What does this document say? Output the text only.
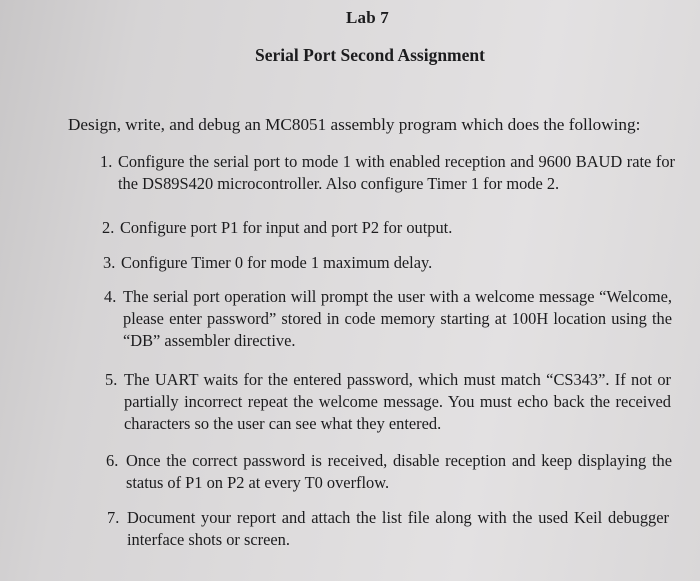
Lab 7
Serial Port Second Assignment
Design, write, and debug an MC8051 assembly program which does the following:
1. Configure the serial port to mode 1 with enabled reception and 9600 BAUD rate for the DS89S420 microcontroller. Also configure Timer 1 for mode 2.
2. Configure port P1 for input and port P2 for output.
3. Configure Timer 0 for mode 1 maximum delay.
4. The serial port operation will prompt the user with a welcome message “Welcome, please enter password” stored in code memory starting at 100H location using the “DB” assembler directive.
5. The UART waits for the entered password, which must match “CS343”. If not or partially incorrect repeat the welcome message. You must echo back the received characters so the user can see what they entered.
6. Once the correct password is received, disable reception and keep displaying the status of P1 on P2 at every T0 overflow.
7. Document your report and attach the list file along with the used Keil debugger interface shots or screen.
